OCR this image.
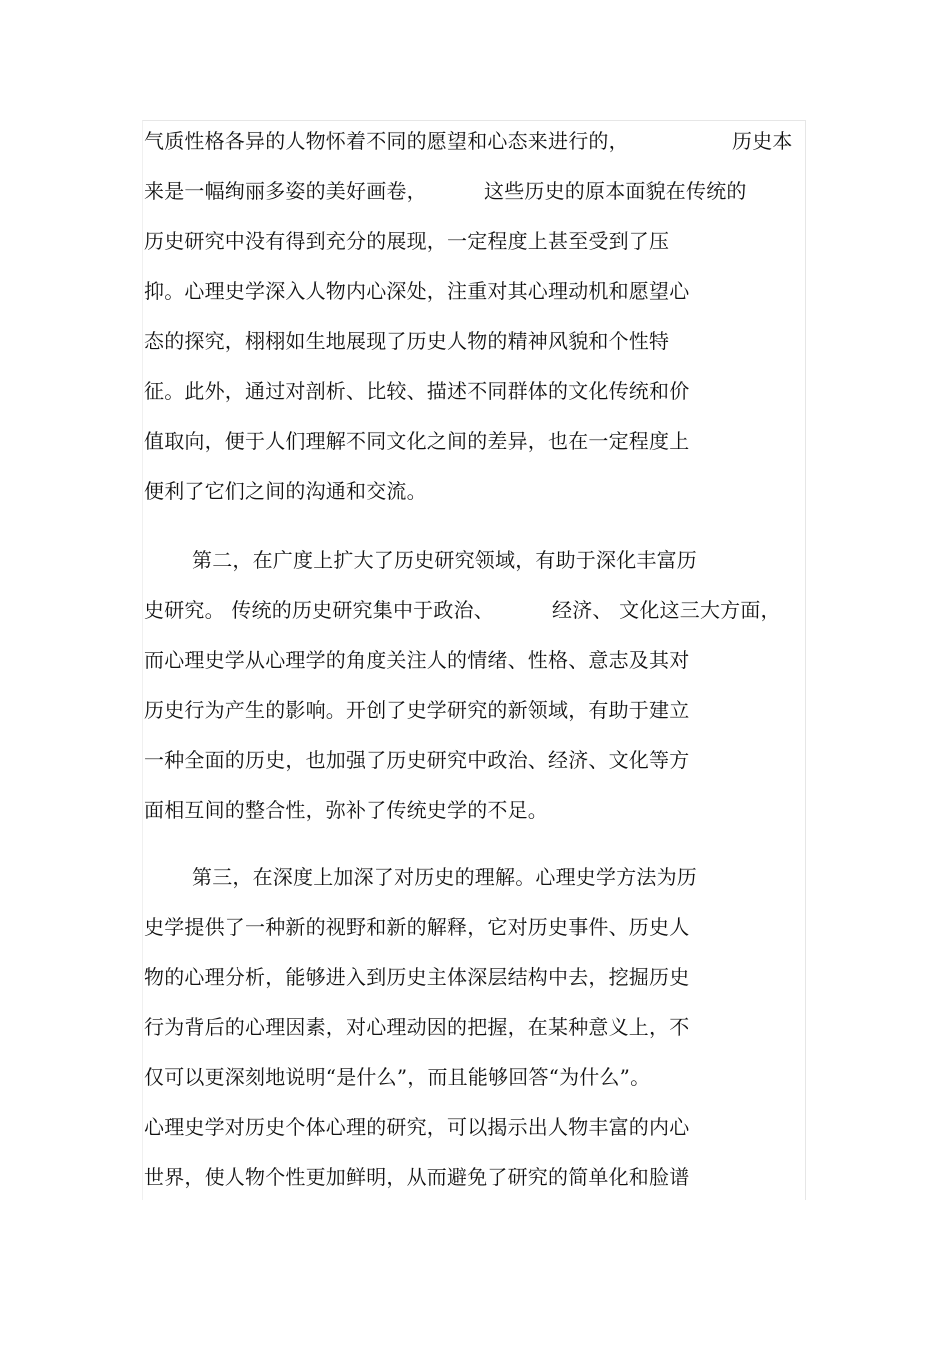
气质性格各异的人物怀着不同的愿望和心态来进行的，

	历史本

来是一幅绚丽多姿的美好画卷，

	这些历史的原本面貌在传统的

历史研究中没有得到充分的展现，一定程度上甚至受到了压

抑。心理史学深入人物内心深处，注重对其心理动机和愿望心

态的探究，栩栩如生地展现了历史人物的精神风貌和个性特

征。此外，通过对剖析、比较、描述不同群体的文化传统和价

值取向，便于人们理解不同文化之间的差异，也在一定程度上

便利了它们之间的沟通和交流。

第二，在广度上扩大了历史研究领域，有助于深化丰富历

史研究。 传统的历史研究集中于政治、

	经济、 文化这三大方面，

而心理史学从心理学的角度关注人的情绪、性格、意志及其对

历史行为产生的影响。开创了史学研究的新领域，有助于建立

一种全面的历史，也加强了历史研究中政治、经济、文化等方

面相互间的整合性，弥补了传统史学的不足。

第三，在深度上加深了对历史的理解。心理史学方法为历

史学提供了一种新的视野和新的解释，它对历史事件、历史人

物的心理分析，能够进入到历史主体深层结构中去，挖掘历史

行为背后的心理因素，对心理动因的把握，在某种意义上，不

仅可以更深刻地说明“是什么”，而且能够回答“为什么”。

心理史学对历史个体心理的研究，可以揭示出人物丰富的内心

世界，使人物个性更加鲜明，从而避免了研究的简单化和脸谱
